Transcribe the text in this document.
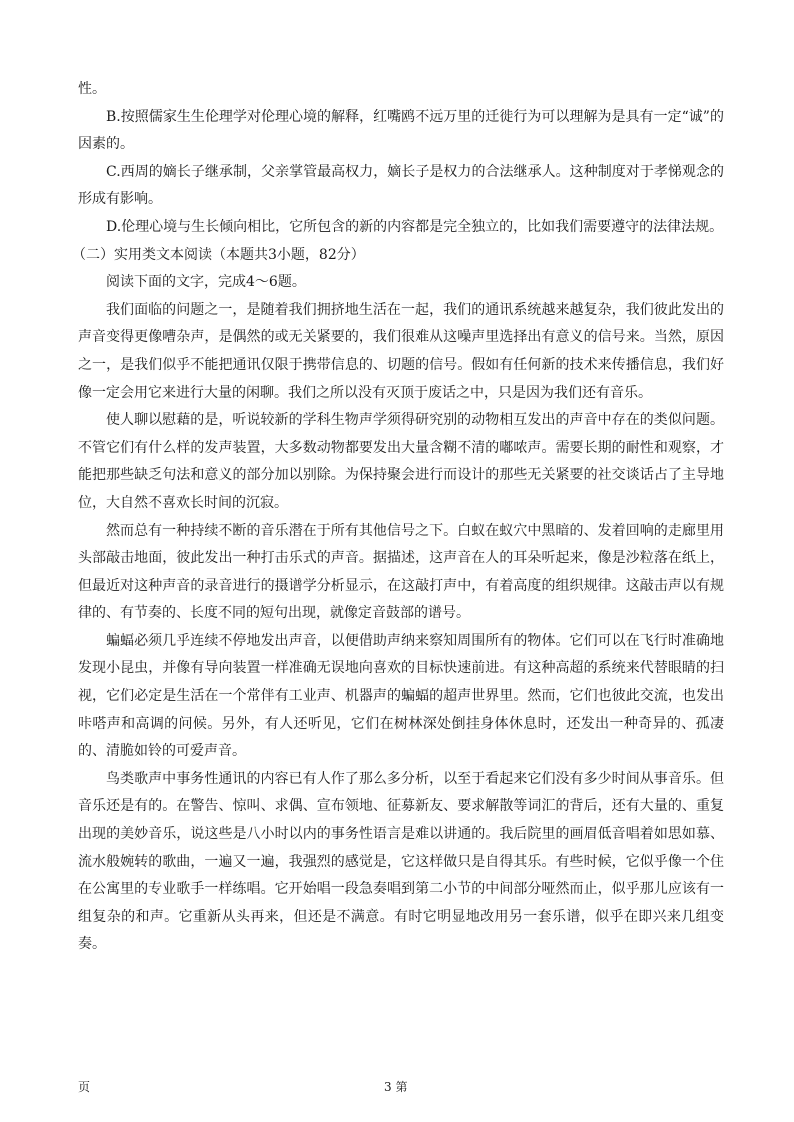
性。

B.按照儒家生生伦理学对伦理心境的解释，红嘴鸥不远万里的迁徙行为可以理解为是具有一定“诚”的因素的。

C.西周的嫡长子继承制，父亲掌管最高权力，嫡长子是权力的合法继承人。这种制度对于孝悌观念的形成有影响。

D.伦理心境与生长倾向相比，它所包含的新的内容都是完全独立的，比如我们需要遵守的法律法规。

（二）实用类文本阅读（本题共3小题，82分）

阅读下面的文字，完成4～6题。

我们面临的问题之一，是随着我们拥挤地生活在一起，我们的通讯系统越来越复杂，我们彼此发出的声音变得更像嘈杂声，是偶然的或无关紧要的，我们很难从这噪声里选择出有意义的信号来。当然，原因之一，是我们似乎不能把通讯仅限于携带信息的、切题的信号。假如有任何新的技术来传播信息，我们好像一定会用它来进行大量的闲聊。我们之所以没有灭顶于废话之中，只是因为我们还有音乐。

使人聊以慰藉的是，听说较新的学科生物声学须得研究别的动物相互发出的声音中存在的类似问题。不管它们有什么样的发声装置，大多数动物都要发出大量含糊不清的嘟哝声。需要长期的耐性和观察，才能把那些缺乏句法和意义的部分加以别除。为保持聚会进行而设计的那些无关紧要的社交谈话占了主导地位，大自然不喜欢长时间的沉寂。

然而总有一种持续不断的音乐潜在于所有其他信号之下。白蚁在蚁穴中黑暗的、发着回响的走廊里用头部敲击地面，彼此发出一种打击乐式的声音。据描述，这声音在人的耳朵听起来，像是沙粒落在纸上，但最近对这种声音的录音进行的摄谱学分析显示，在这敲打声中，有着高度的组织规律。这敲击声以有规律的、有节奏的、长度不同的短句出现，就像定音鼓部的谱号。

蝙蝠必须几乎连续不停地发出声音，以便借助声纳来察知周围所有的物体。它们可以在飞行时准确地发现小昆虫，并像有导向装置一样准确无误地向喜欢的目标快速前进。有这种高超的系统来代替眼睛的扫视，它们必定是生活在一个常伴有工业声、机器声的蝙蝠的超声世界里。然而，它们也彼此交流，也发出咔嗒声和高调的问候。另外，有人还听见，它们在树林深处倒挂身体休息时，还发出一种奇异的、孤凄的、清脆如铃的可爱声音。

鸟类歌声中事务性通讯的内容已有人作了那么多分析，以至于看起来它们没有多少时间从事音乐。但音乐还是有的。在警告、惊叫、求偶、宣布领地、征募新友、要求解散等词汇的背后，还有大量的、重复出现的美妙音乐，说这些是八小时以内的事务性语言是难以讲通的。我后院里的画眉低音唱着如思如慕、流水般婉转的歌曲，一遍又一遍，我强烈的感觉是，它这样做只是自得其乐。有些时候，它似乎像一个住在公寓里的专业歌手一样练唱。它开始唱一段急奏唱到第二小节的中间部分哑然而止，似乎那儿应该有一组复杂的和声。它重新从头再来，但还是不满意。有时它明显地改用另一套乐谱，似乎在即兴来几组变奏。

页	3 第
